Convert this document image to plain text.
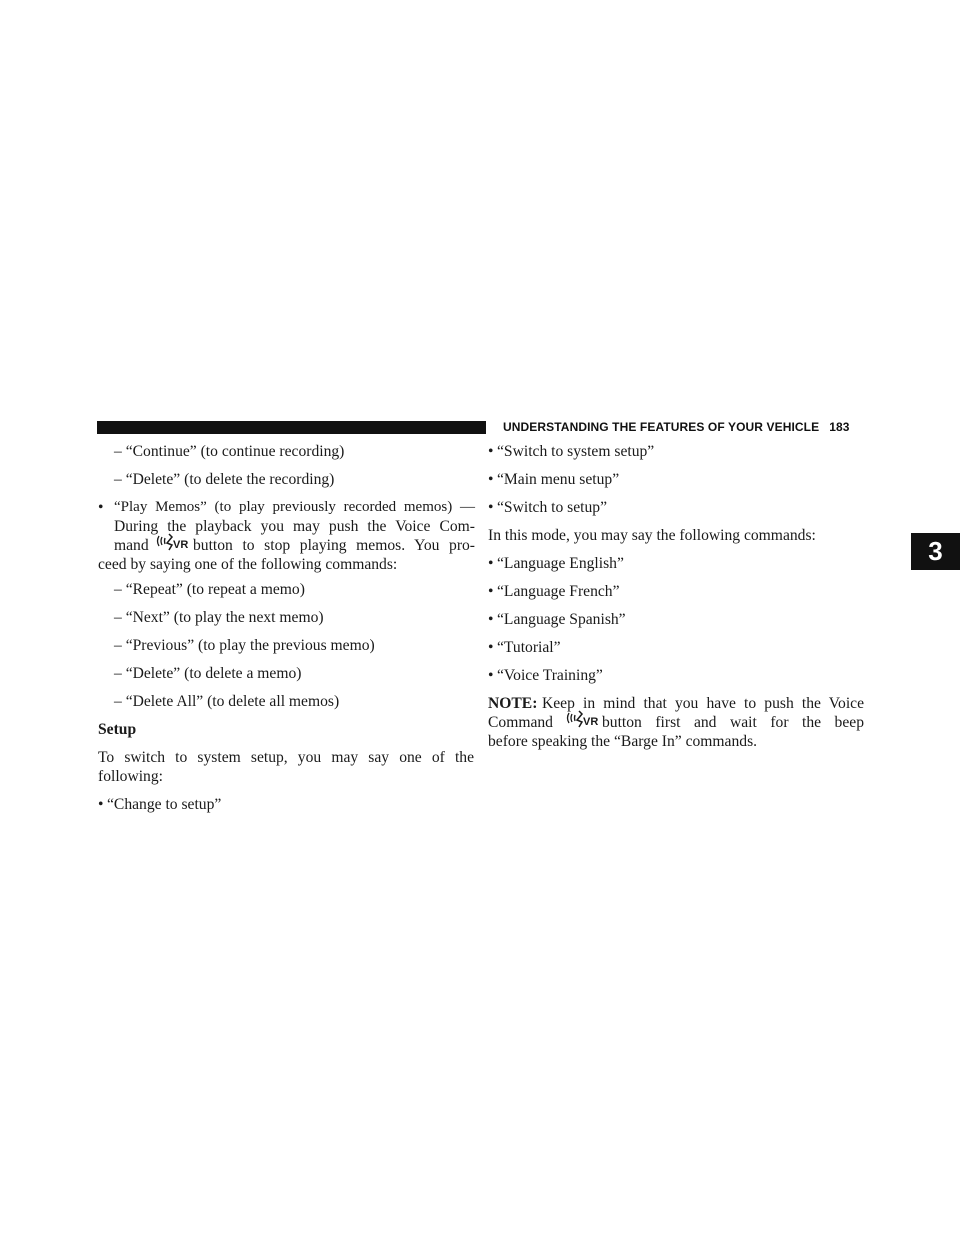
UNDERSTANDING THE FEATURES OF YOUR VEHICLE 183
3
– “Continue” (to continue recording)
– “Delete” (to delete the recording)
• “Play Memos” (to play previously recorded memos) —
During the playback you may push the Voice Com-
mand VR button to stop playing memos. You pro-
ceed by saying one of the following commands:
– “Repeat” (to repeat a memo)
– “Next” (to play the next memo)
– “Previous” (to play the previous memo)
– “Delete” (to delete a memo)
– “Delete All” (to delete all memos)
Setup
To switch to system setup, you may say one of the
following:
• “Change to setup”
• “Switch to system setup”
• “Main menu setup”
• “Switch to setup”
In this mode, you may say the following commands:
• “Language English”
• “Language French”
• “Language Spanish”
• “Tutorial”
• “Voice Training”
NOTE: Keep in mind that you have to push the Voice
Command	VR button first and wait for the beep
before speaking the “Barge In” commands.
